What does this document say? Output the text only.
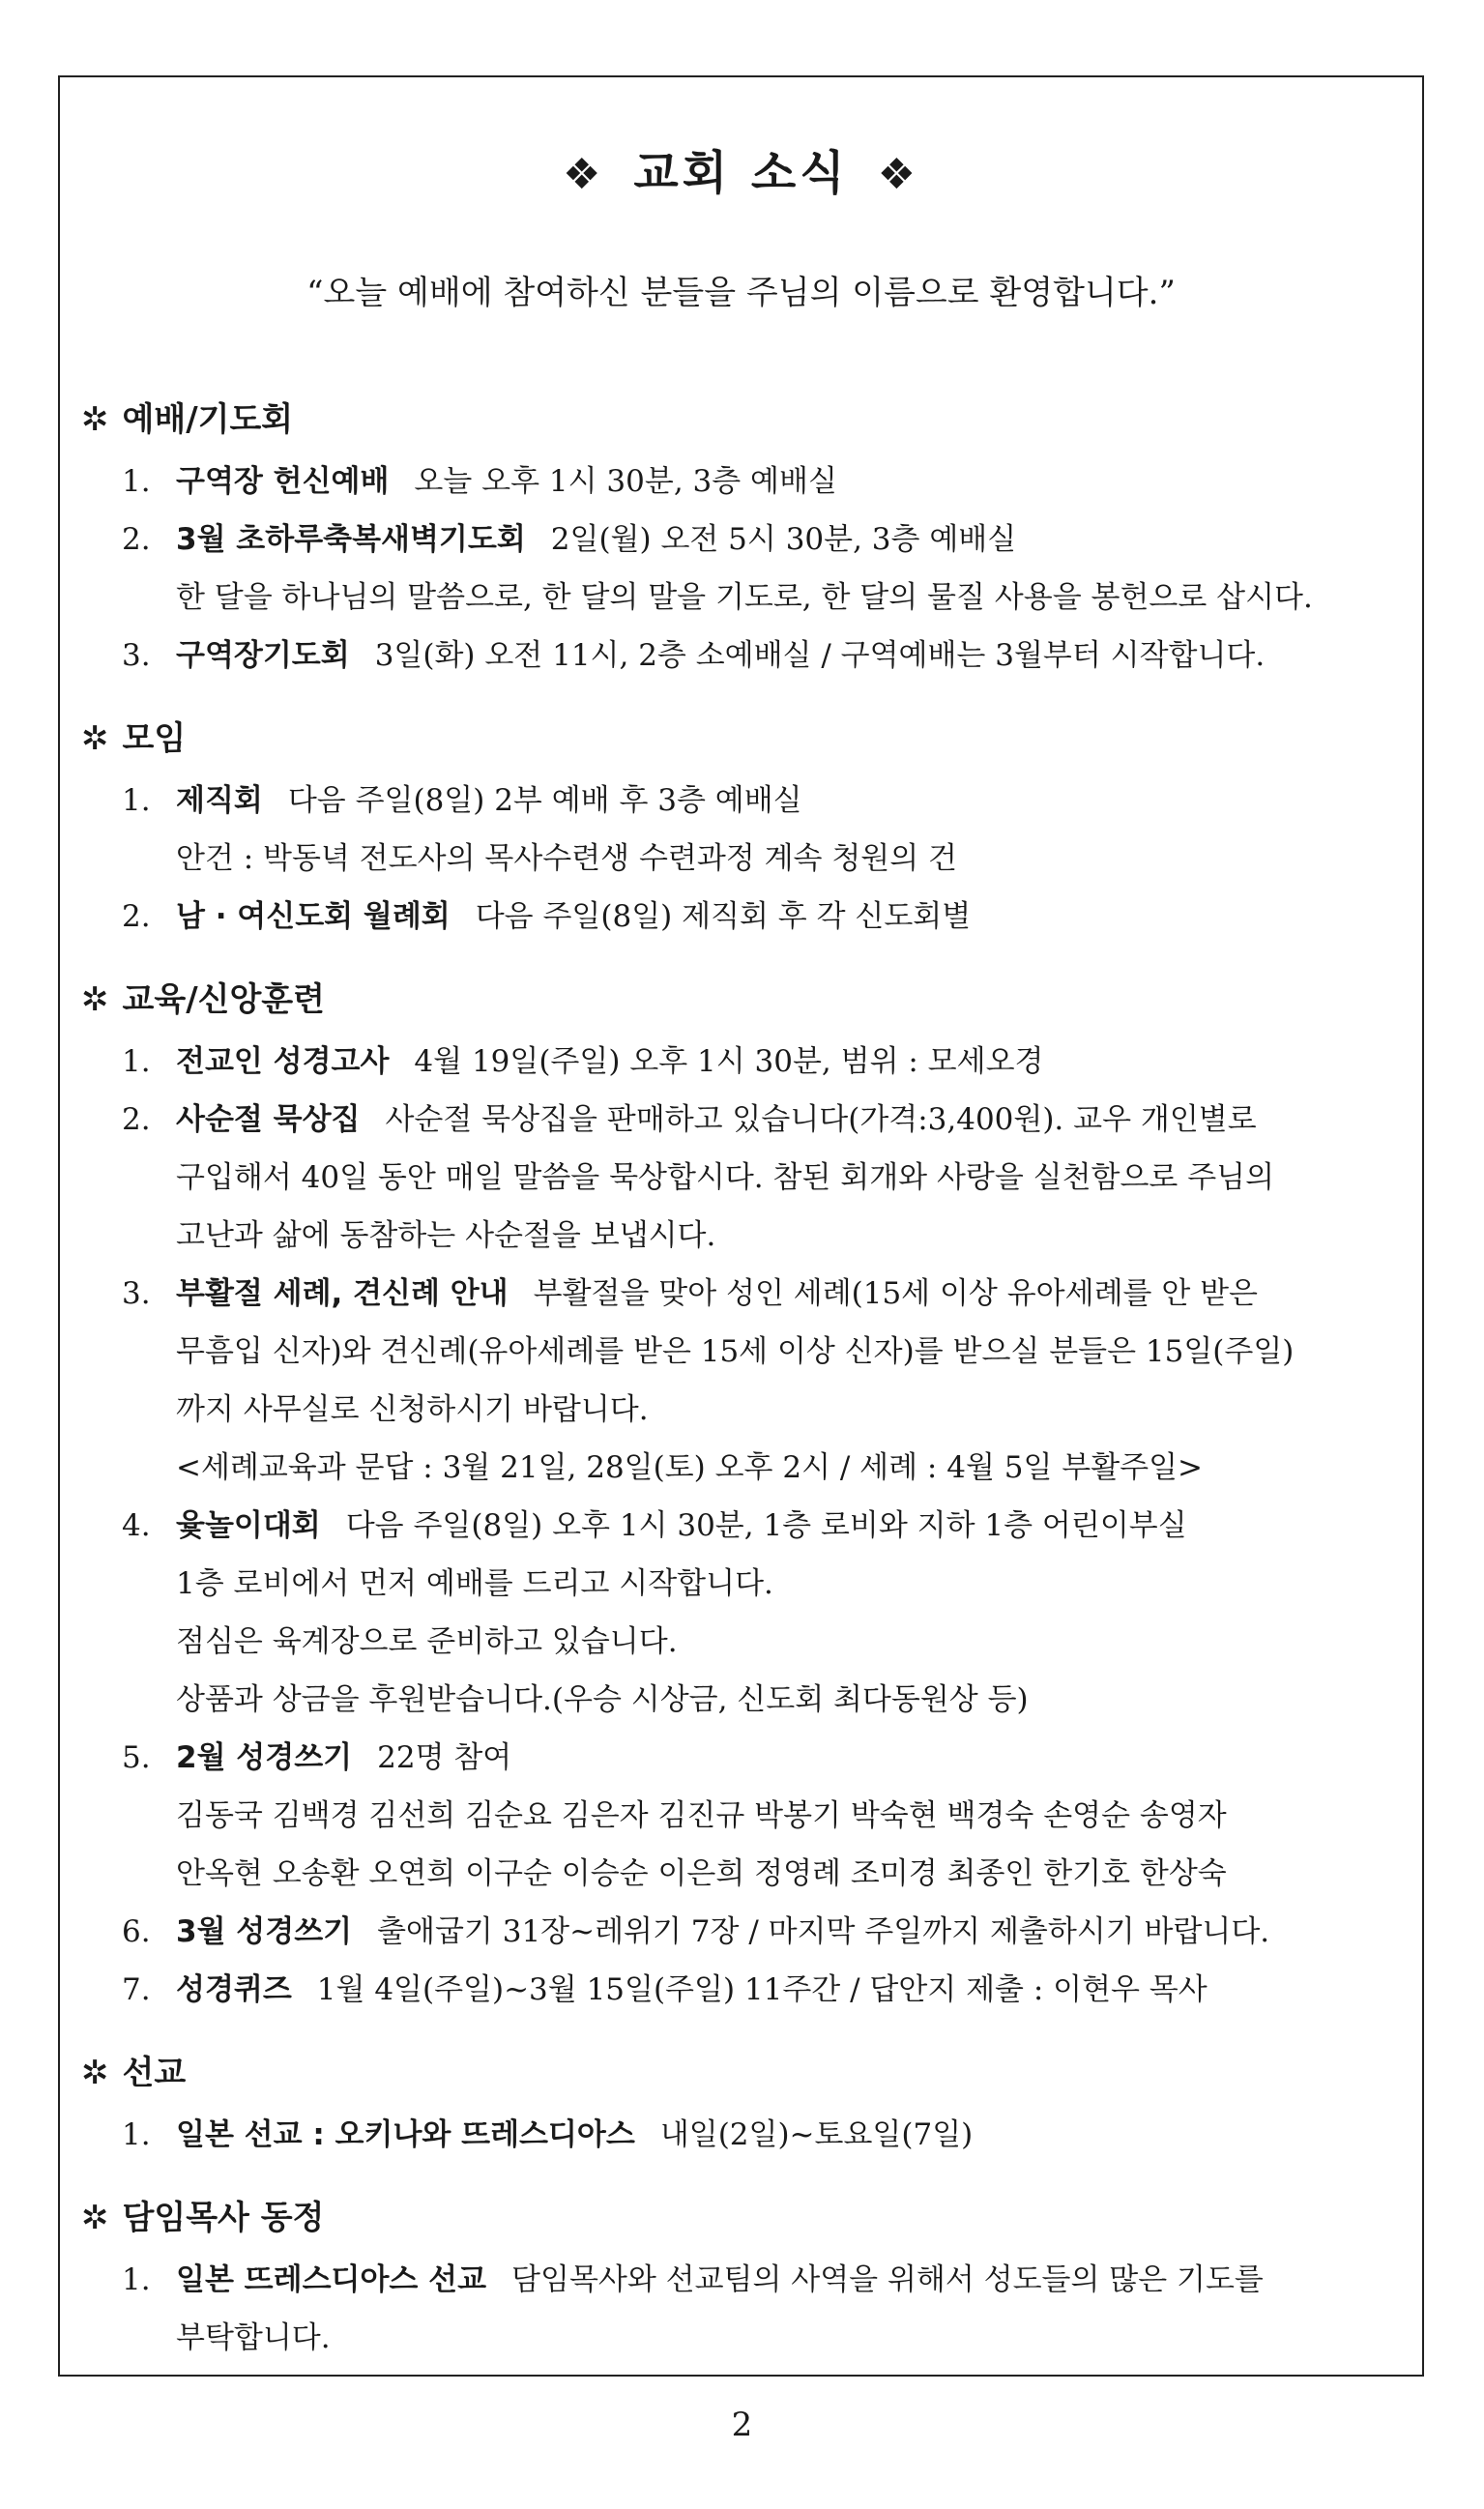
❖ 교회 소식 ❖
“오늘 예배에 참여하신 분들을 주님의 이름으로 환영합니다.”
✲ 예배/기도회
1. 구역장 헌신예배 오늘 오후 1시 30분, 3층 예배실
2. 3월 초하루축복새벽기도회 2일(월) 오전 5시 30분, 3층 예배실
한 달을 하나님의 말씀으로, 한 달의 말을 기도로, 한 달의 물질 사용을 봉헌으로 삽시다.
3. 구역장기도회 3일(화) 오전 11시, 2층 소예배실 / 구역예배는 3월부터 시작합니다.
✲ 모임
1. 제직회 다음 주일(8일) 2부 예배 후 3층 예배실
안건 : 박동녁 전도사의 목사수련생 수련과정 계속 청원의 건
2. 남 · 여신도회 월례회 다음 주일(8일) 제직회 후 각 신도회별
✲ 교육/신앙훈련
1. 전교인 성경고사 4월 19일(주일) 오후 1시 30분, 범위 : 모세오경
2. 사순절 묵상집 사순절 묵상집을 판매하고 있습니다(가격:3,400원). 교우 개인별로
구입해서 40일 동안 매일 말씀을 묵상합시다. 참된 회개와 사랑을 실천함으로 주님의
고난과 삶에 동참하는 사순절을 보냅시다.
3. 부활절 세례, 견신례 안내 부활절을 맞아 성인 세례(15세 이상 유아세례를 안 받은
무흠입 신자)와 견신례(유아세례를 받은 15세 이상 신자)를 받으실 분들은 15일(주일)
까지 사무실로 신청하시기 바랍니다.
<세례교육과 문답 : 3월 21일, 28일(토) 오후 2시 / 세례 : 4월 5일 부활주일>
4. 윷놀이대회 다음 주일(8일) 오후 1시 30분, 1층 로비와 지하 1층 어린이부실
1층 로비에서 먼저 예배를 드리고 시작합니다.
점심은 육계장으로 준비하고 있습니다.
상품과 상금을 후원받습니다.(우승 시상금, 신도회 최다동원상 등)
5. 2월 성경쓰기 22명 참여
김동국 김백경 김선희 김순요 김은자 김진규 박봉기 박숙현 백경숙 손영순 송영자
안옥현 오송환 오연희 이구순 이승순 이은희 정영례 조미경 최종인 한기호 한상숙
6. 3월 성경쓰기 출애굽기 31장~레위기 7장 / 마지막 주일까지 제출하시기 바랍니다.
7. 성경퀴즈 1월 4일(주일)~3월 15일(주일) 11주간 / 답안지 제출 : 이현우 목사
✲ 선교
1. 일본 선교 : 오키나와 뜨레스디아스 내일(2일)~토요일(7일)
✲ 담임목사 동정
1. 일본 뜨레스디아스 선교 담임목사와 선교팀의 사역을 위해서 성도들의 많은 기도를
부탁합니다.
2
